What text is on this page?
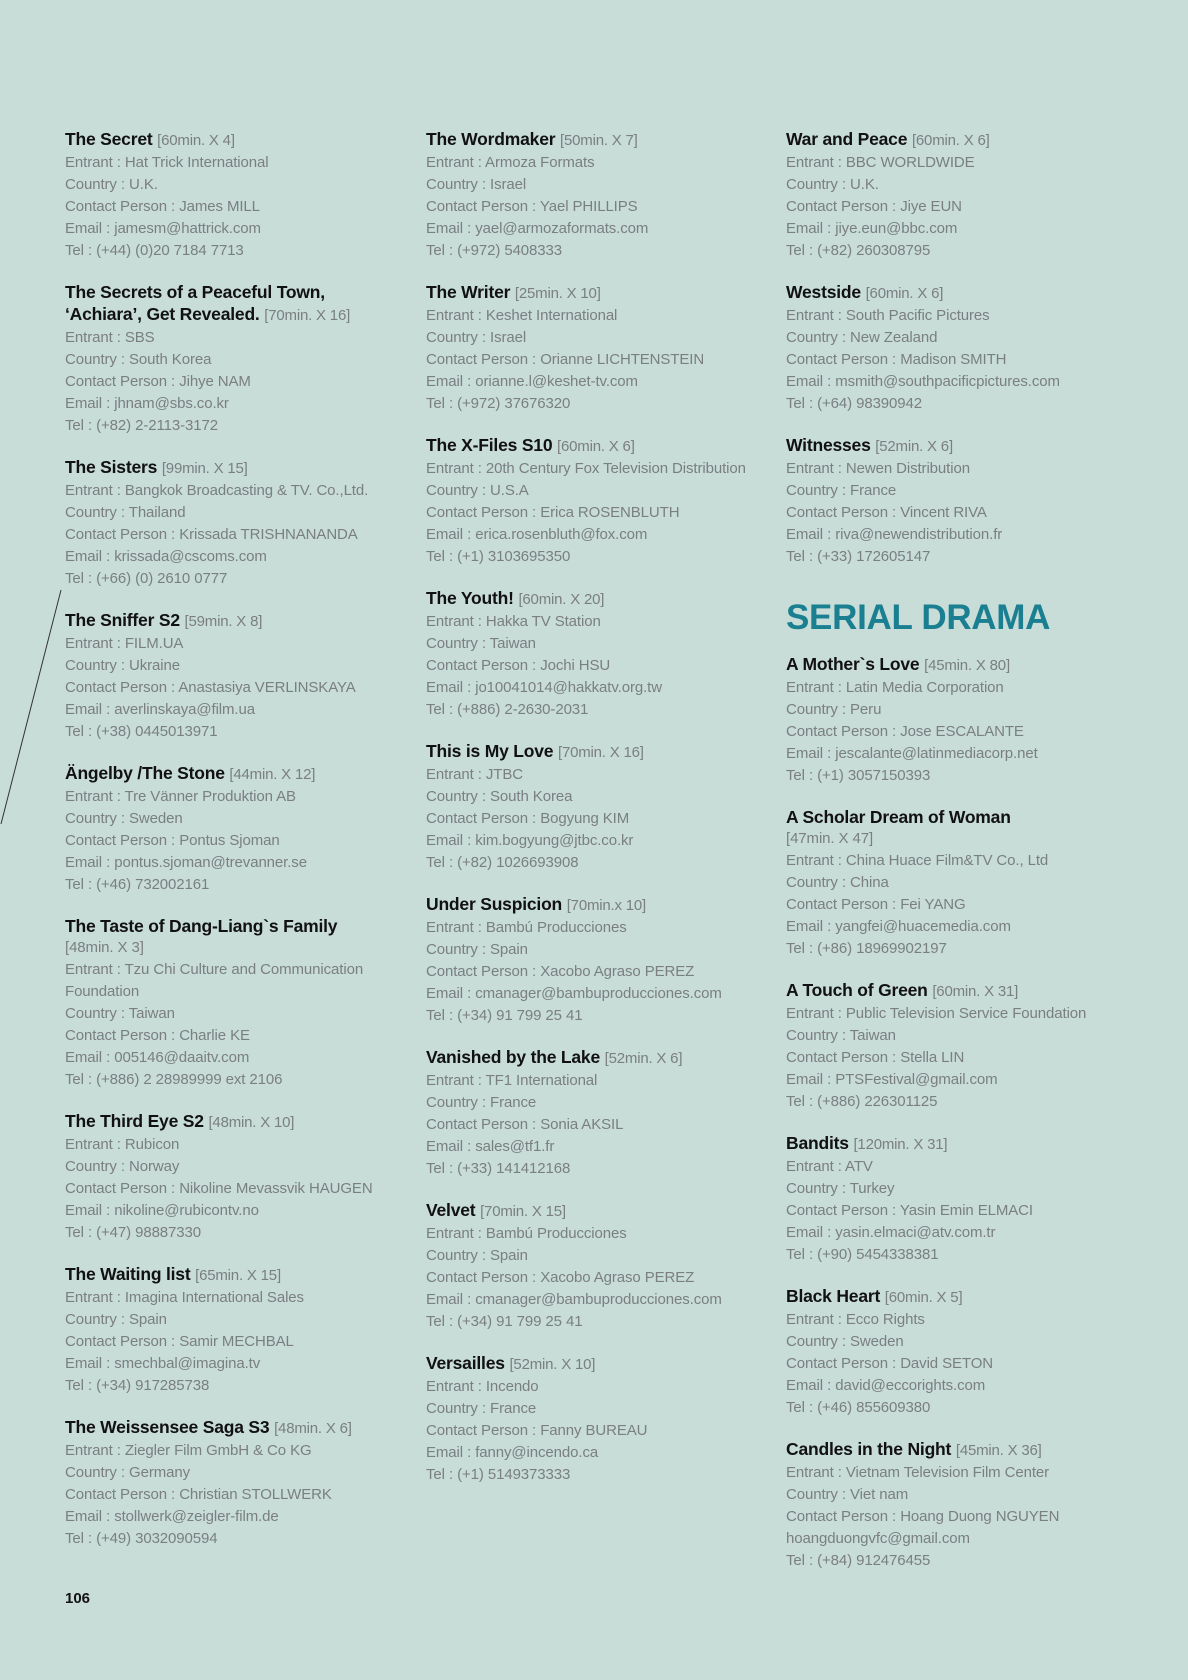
The Secret [60min. X 4]
Entrant : Hat Trick International
Country : U.K.
Contact Person : James MILL
Email : jamesm@hattrick.com
Tel : (+44) (0)20 7184 7713
The Secrets of a Peaceful Town,
‘Achiara’, Get Revealed. [70min. X 16]
Entrant : SBS
Country : South Korea
Contact Person : Jihye NAM
Email : jhnam@sbs.co.kr
Tel : (+82) 2-2113-3172
The Sisters [99min. X 15]
Entrant : Bangkok Broadcasting & TV. Co.,Ltd.
Country : Thailand
Contact Person : Krissada TRISHNANANDA
Email : krissada@cscoms.com
Tel : (+66) (0) 2610 0777
The Sniffer S2 [59min. X 8]
Entrant : FILM.UA
Country : Ukraine
Contact Person : Anastasiya VERLINSKAYA
Email : averlinskaya@film.ua
Tel : (+38) 0445013971
Ängelby /The Stone [44min. X 12]
Entrant : Tre Vänner Produktion AB
Country : Sweden
Contact Person : Pontus Sjoman
Email : pontus.sjoman@trevanner.se
Tel : (+46) 732002161
The Taste of Dang-Liang`s Family
[48min. X 3]
Entrant : Tzu Chi Culture and Communication Foundation
Country : Taiwan
Contact Person : Charlie KE
Email : 005146@daaitv.com
Tel : (+886) 2 28989999 ext 2106
The Third Eye S2 [48min. X 10]
Entrant : Rubicon
Country : Norway
Contact Person : Nikoline Mevassvik HAUGEN
Email : nikoline@rubicontv.no
Tel : (+47) 98887330
The Waiting list [65min. X 15]
Entrant : Imagina International Sales
Country : Spain
Contact Person : Samir MECHBAL
Email : smechbal@imagina.tv
Tel : (+34) 917285738
The Weissensee Saga S3 [48min. X 6]
Entrant : Ziegler Film GmbH & Co KG
Country : Germany
Contact Person : Christian STOLLWERK
Email : stollwerk@zeigler-film.de
Tel : (+49) 3032090594
The Wordmaker [50min. X 7]
Entrant : Armoza Formats
Country : Israel
Contact Person : Yael PHILLIPS
Email : yael@armozaformats.com
Tel : (+972) 5408333
The Writer [25min. X 10]
Entrant : Keshet International
Country : Israel
Contact Person : Orianne LICHTENSTEIN
Email : orianne.l@keshet-tv.com
Tel : (+972) 37676320
The X-Files S10 [60min. X 6]
Entrant : 20th Century Fox Television Distribution
Country : U.S.A
Contact Person : Erica ROSENBLUTH
Email : erica.rosenbluth@fox.com
Tel : (+1) 3103695350
The Youth! [60min. X 20]
Entrant : Hakka TV Station
Country : Taiwan
Contact Person : Jochi HSU
Email : jo10041014@hakkatv.org.tw
Tel : (+886) 2-2630-2031
This is My Love [70min. X 16]
Entrant : JTBC
Country : South Korea
Contact Person : Bogyung KIM
Email : kim.bogyung@jtbc.co.kr
Tel : (+82) 1026693908
Under Suspicion [70min.x 10]
Entrant : Bambú Producciones
Country : Spain
Contact Person : Xacobo Agraso PEREZ
Email : cmanager@bambuproducciones.com
Tel : (+34) 91 799 25 41
Vanished by the Lake [52min. X 6]
Entrant : TF1 International
Country : France
Contact Person : Sonia AKSIL
Email : sales@tf1.fr
Tel : (+33) 141412168
Velvet [70min. X 15]
Entrant : Bambú Producciones
Country : Spain
Contact Person : Xacobo Agraso PEREZ
Email : cmanager@bambuproducciones.com
Tel : (+34) 91 799 25 41
Versailles [52min. X 10]
Entrant : Incendo
Country : France
Contact Person : Fanny BUREAU
Email : fanny@incendo.ca
Tel : (+1) 5149373333
War and Peace [60min. X 6]
Entrant : BBC WORLDWIDE
Country : U.K.
Contact Person : Jiye EUN
Email : jiye.eun@bbc.com
Tel : (+82) 260308795
Westside [60min. X 6]
Entrant : South Pacific Pictures
Country : New Zealand
Contact Person : Madison SMITH
Email : msmith@southpacificpictures.com
Tel : (+64) 98390942
Witnesses [52min. X 6]
Entrant : Newen Distribution
Country : France
Contact Person : Vincent RIVA
Email : riva@newendistribution.fr
Tel : (+33) 172605147
SERIAL DRAMA
A Mother`s Love [45min. X 80]
Entrant : Latin Media Corporation
Country : Peru
Contact Person : Jose ESCALANTE
Email : jescalante@latinmediacorp.net
Tel : (+1) 3057150393
A Scholar Dream of Woman
[47min. X 47]
Entrant : China Huace Film&TV Co., Ltd
Country : China
Contact Person : Fei YANG
Email : yangfei@huacemedia.com
Tel : (+86) 18969902197
A Touch of Green [60min. X 31]
Entrant : Public Television Service Foundation
Country : Taiwan
Contact Person : Stella LIN
Email : PTSFestival@gmail.com
Tel : (+886) 226301125
Bandits [120min. X 31]
Entrant : ATV
Country : Turkey
Contact Person : Yasin Emin ELMACI
Email : yasin.elmaci@atv.com.tr
Tel : (+90) 5454338381
Black Heart [60min. X 5]
Entrant : Ecco Rights
Country : Sweden
Contact Person : David SETON
Email : david@eccorights.com
Tel : (+46) 855609380
Candles in the Night [45min. X 36]
Entrant : Vietnam Television Film Center
Country : Viet nam
Contact Person : Hoang Duong NGUYEN
hoangduongvfc@gmail.com
Tel : (+84) 912476455
106
